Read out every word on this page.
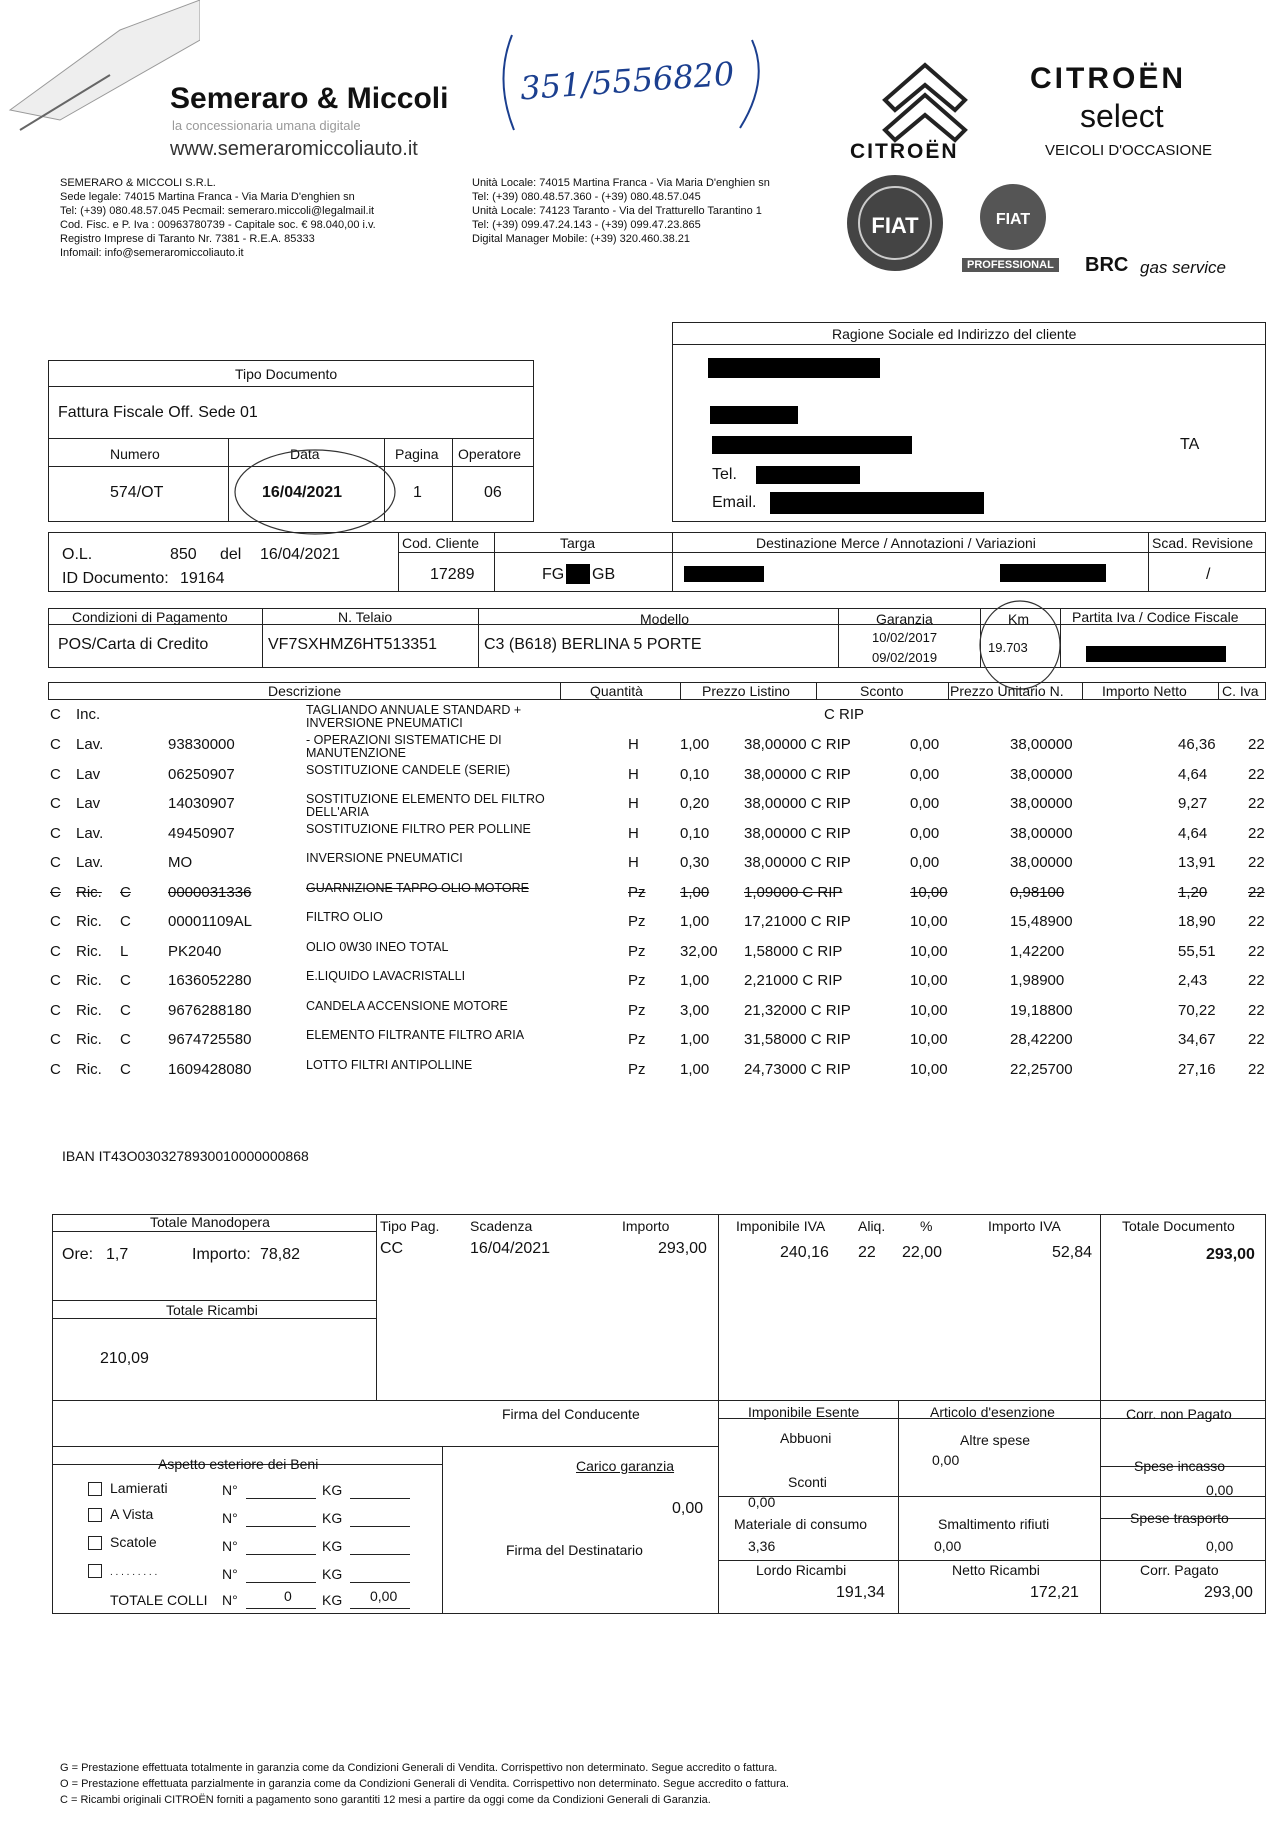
Semeraro & Miccoli
la concessionaria umana digitale
www.semeraromiccoliauto.it
SEMERARO & MICCOLI S.R.L.
Sede legale: 74015 Martina Franca - Via Maria D'enghien sn
Tel: (+39) 080.48.57.045 Pecmail: semeraro.miccoli@legalmail.it
Cod. Fisc. e P. Iva : 00963780739 - Capitale soc. € 98.040,00 i.v.
Registro Imprese di Taranto Nr. 7381 - R.E.A. 85333
Infomail: info@semeraromiccoliauto.it
Unità Locale: 74015 Martina Franca - Via Maria D'enghien sn
Tel: (+39) 080.48.57.360 - (+39) 080.48.57.045
Unità Locale: 74123 Taranto - Via del Tratturello Tarantino 1
Tel: (+39) 099.47.24.143 - (+39) 099.47.23.865
Digital Manager Mobile: (+39) 320.460.38.21
351/5556820
CITROËN
CITROËN
select
VEICOLI D'OCCASIONE
FIAT	FIAT
PROFESSIONAL BRC gas service
Tipo Documento
Fattura Fiscale Off. Sede 01
Numero	Data	Pagina Operatore
574/OT	16/04/2021	1	06
Ragione Sociale ed Indirizzo del cliente
TA
Tel.
Email.
O.L.	850 del 16/04/2021
ID Documento: 19164
Cod. Cliente
17289
Targa
FG GB
Destinazione Merce / Annotazioni / Variazioni	Scad. Revisione
/
Condizioni di Pagamento
POS/Carta di Credito
N. Telaio
VF7SXHMZ6HT513351
Modello
C3 (B618) BERLINA 5 PORTE
Garanzia
10/02/2017
09/02/2019
Km
19.703
Partita Iva / Codice Fiscale
Descrizione	Quantità	Prezzo Listino	Sconto	Prezzo Unitario N.	Importo Netto	C. Iva
C Inc.	TAGLIANDO ANNUALE STANDARD + INVERSIONE PNEUMATICI	C RIP
C Lav.	93830000	- OPERAZIONI SISTEMATICHE DI MANUTENZIONE	H	1,00 38,00000 C RIP	0,00	38,00000	46,36 22
C Lav	06250907	SOSTITUZIONE CANDELE (SERIE)	H	0,10 38,00000 C RIP	0,00	38,00000	4,64	22
C Lav	14030907	SOSTITUZIONE ELEMENTO DEL FILTRO DELL'ARIA	H	0,20 38,00000 C RIP	0,00	38,00000	9,27	22
C Lav.	49450907	SOSTITUZIONE FILTRO PER POLLINE	H	0,10 38,00000 C RIP	0,00	38,00000	4,64	22
C Lav.	MO	INVERSIONE PNEUMATICI	H	0,30 38,00000 C RIP	0,00	38,00000	13,91 22
C Ric. C 0000031336	GUARNIZIONE TAPPO OLIO MOTORE	Pz 1,00 1,09000 C RIP	10,00	0,98100	1,20	22
C Ric. C 00001109AL	FILTRO OLIO	Pz 1,00 17,21000 C RIP	10,00	15,48900	18,90 22
C Ric. L	PK2040	OLIO 0W30 INEO TOTAL	Pz 32,00 1,58000 C RIP	10,00	1,42200	55,51 22
C Ric. C 1636052280	E.LIQUIDO LAVACRISTALLI	Pz 1,00 2,21000 C RIP	10,00	1,98900	2,43	22
C Ric. C 9676288180	CANDELA ACCENSIONE MOTORE	Pz 3,00 21,32000 C RIP	10,00	19,18800	70,22 22
C Ric. C 9674725580	ELEMENTO FILTRANTE FILTRO ARIA	Pz 1,00 31,58000 C RIP	10,00	28,42200	34,67 22
C Ric. C 1609428080	LOTTO FILTRI ANTIPOLLINE	Pz 1,00 24,73000 C RIP	10,00	22,25700	27,16 22
IBAN IT43O0303278930010000000868
Totale Manodopera
Ore: 1,7	Importo: 78,82
Totale Ricambi
210,09
Tipo Pag.
CC
Scadenza
16/04/2021
Importo
293,00
Imponibile IVA
240,16
Aliq.
22
%
22,00
Importo IVA
52,84
Totale Documento
293,00
Firma del Conducente
Aspetto esteriore dei Beni
Lamierati
A Vista
Scatole
. . . . . . . . .
N°	KG
N°	KG
N°	KG
N°	KG
TOTALE COLLI N°	0 KG 0,00
Carico garanzia
0,00
Firma del Destinatario
Imponibile Esente
Abbuoni
Sconti
0,00
Materiale di consumo
3,36
Lordo Ricambi
191,34
Articolo d'esenzione
Altre spese
0,00
Smaltimento rifiuti
0,00
Netto Ricambi
172,21
Corr. non Pagato
Spese incasso
0,00
Spese trasporto
0,00
Corr. Pagato
293,00
G = Prestazione effettuata totalmente in garanzia come da Condizioni Generali di Vendita. Corrispettivo non determinato. Segue accredito o fattura.
O = Prestazione effettuata parzialmente in garanzia come da Condizioni Generali di Vendita. Corrispettivo non determinato. Segue accredito o fattura.
C = Ricambi originali CITROËN forniti a pagamento sono garantiti 12 mesi a partire da oggi come da Condizioni Generali di Garanzia.
